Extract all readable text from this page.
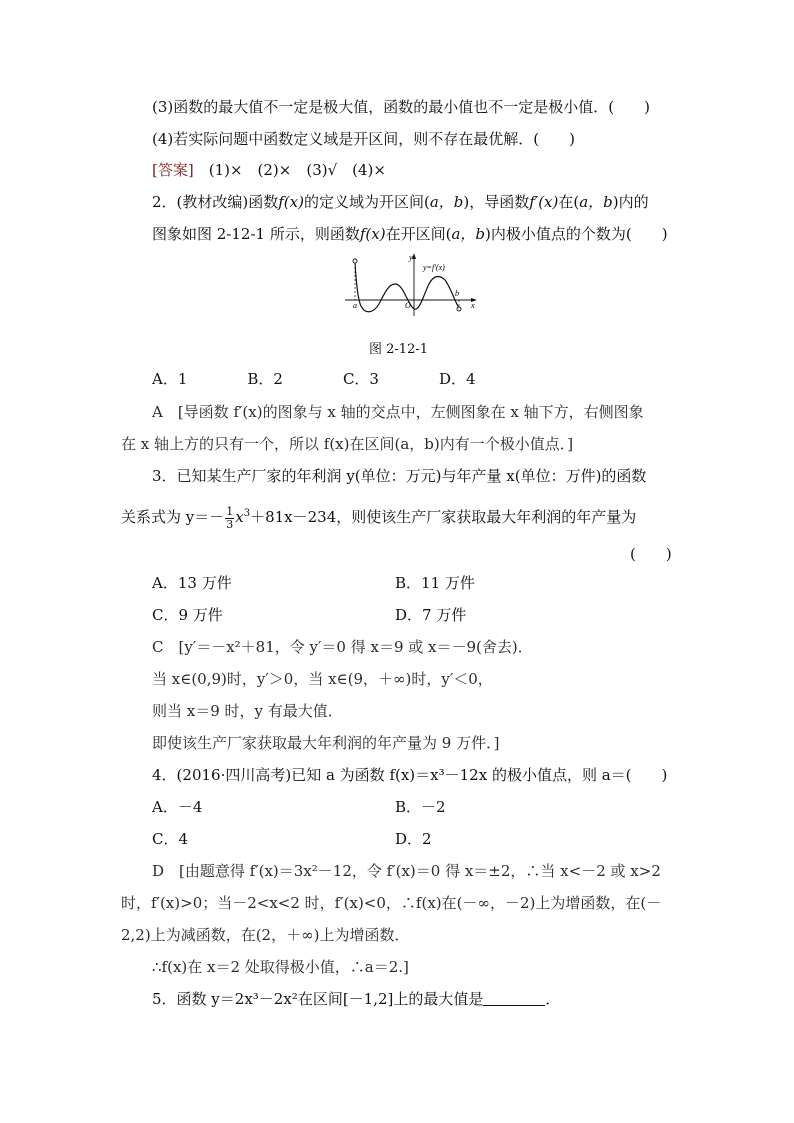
(3)函数的最大值不一定是极大值，函数的最小值也不一定是极小值．(　　)
(4)若实际问题中函数定义域是开区间，则不存在最优解．(　　)
[答案]　(1)×　(2)×　(3)√　(4)×
2．(教材改编)函数f(x)的定义域为开区间(a，b)，导函数f′(x)在(a，b)内的
图象如图 2-12-1 所示，则函数f(x)在开区间(a，b)内极小值点的个数为(　　)
y
y=f′(x)
a	O
b
x
图 2-12-1
A．1　　　　B．2　　　　C．3　　　　D．4
A　[导函数 f′(x)的图象与 x 轴的交点中，左侧图象在 x 轴下方，右侧图象
在 x 轴上方的只有一个，所以 f(x)在区间(a，b)内有一个极小值点．]
3．已知某生产厂家的年利润 y(单位：万元)与年产量 x(单位：万件)的函数
关系式为 $y=- \frac{1}{3} x^3+81x-234$，则使该生产厂家获取最大年利润的年产量为
(　　)
A．13 万件	B．11 万件
C．9 万件	D．7 万件
C　[y′＝－x²＋81，令 y′＝0 得 x＝9 或 x＝－9(舍去)．
当 x∈(0,9)时，y′＞0，当 x∈(9，＋∞)时，y′＜0，
则当 x＝9 时，y 有最大值．
即使该生产厂家获取最大年利润的年产量为 9 万件．]
4．(2016·四川高考)已知 a 为函数 f(x)＝x³－12x 的极小值点，则 a＝(　　)
A．－4	B．－2
C．4	D．2
D　[由题意得 f′(x)＝3x²－12，令 f′(x)＝0 得 x＝±2，∴当 x<－2 或 x>2
时，f′(x)>0；当－2<x<2 时，f′(x)<0，∴f(x)在(－∞，－2)上为增函数，在(－
2,2)上为减函数，在(2，＋∞)上为增函数．
∴f(x)在 x＝2 处取得极小值，∴a＝2.]
5．函数 y＝2x³－2x²在区间[－1,2]上的最大值是	．
